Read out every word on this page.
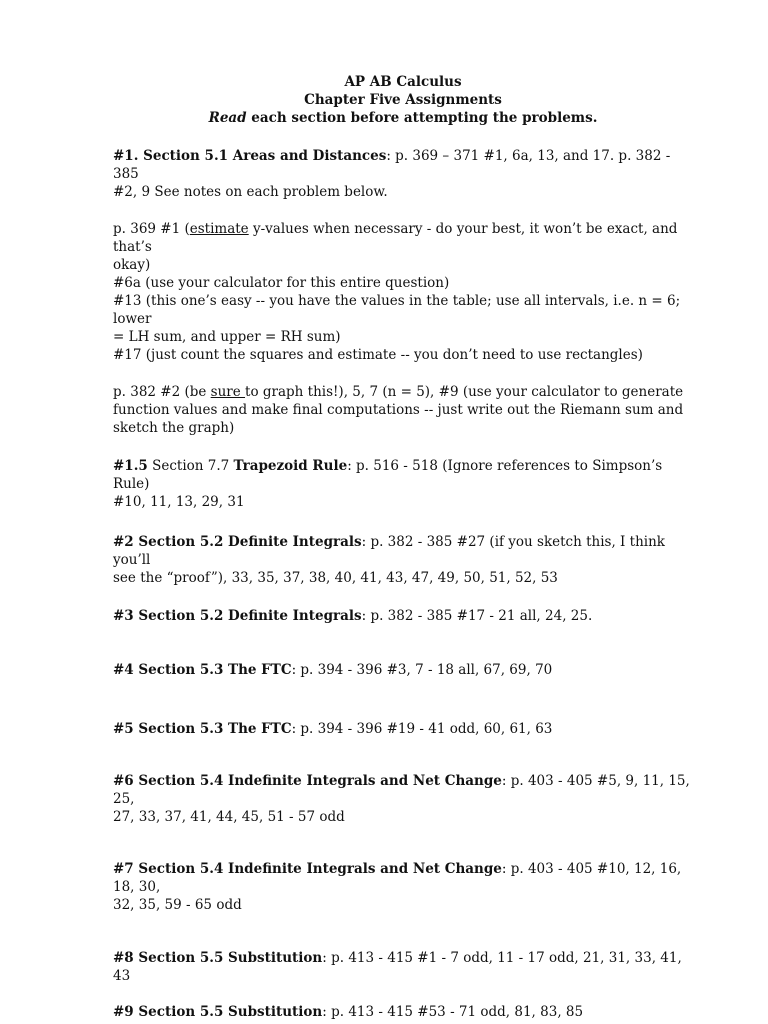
AP AB Calculus
Chapter Five Assignments
Read each section before attempting the problems.

#1. Section 5.1 Areas and Distances: p. 369 – 371 #1, 6a, 13, and 17. p. 382 - 385

#2, 9 See notes on each problem below.

p. 369 #1 (estimate y-values when necessary - do your best, it won’t be exact, and that’s

okay)

#6a (use your calculator for this entire question)

#13 (this one’s easy -- you have the values in the table; use all intervals, i.e. n = 6; lower

= LH sum, and upper = RH sum)

#17 (just count the squares and estimate -- you don’t need to use rectangles)

p. 382 #2 (be sure to graph this!), 5, 7 (n = 5), #9 (use your calculator to generate

function values and make final computations -- just write out the Riemann sum and

sketch the graph)

#1.5 Section 7.7 Trapezoid Rule: p. 516 - 518 (Ignore references to Simpson’s Rule)

#10, 11, 13, 29, 31

#2 Section 5.2 Definite Integrals: p. 382 - 385 #27 (if you sketch this, I think you’ll

see the “proof”), 33, 35, 37, 38, 40, 41, 43, 47, 49, 50, 51, 52, 53

#3 Section 5.2 Definite Integrals: p. 382 - 385 #17 - 21 all, 24, 25.

#4 Section 5.3 The FTC: p. 394 - 396 #3, 7 - 18 all, 67, 69, 70

#5 Section 5.3 The FTC: p. 394 - 396 #19 - 41 odd, 60, 61, 63

#6 Section 5.4 Indefinite Integrals and Net Change: p. 403 - 405 #5, 9, 11, 15, 25,

27, 33, 37, 41, 44, 45, 51 - 57 odd

#7 Section 5.4 Indefinite Integrals and Net Change: p. 403 - 405 #10, 12, 16, 18, 30,

32, 35, 59 - 65 odd

#8 Section 5.5 Substitution: p. 413 - 415 #1 - 7 odd, 11 - 17 odd, 21, 31, 33, 41, 43

#9 Section 5.5 Substitution: p. 413 - 415 #53 - 71 odd, 81, 83, 85
